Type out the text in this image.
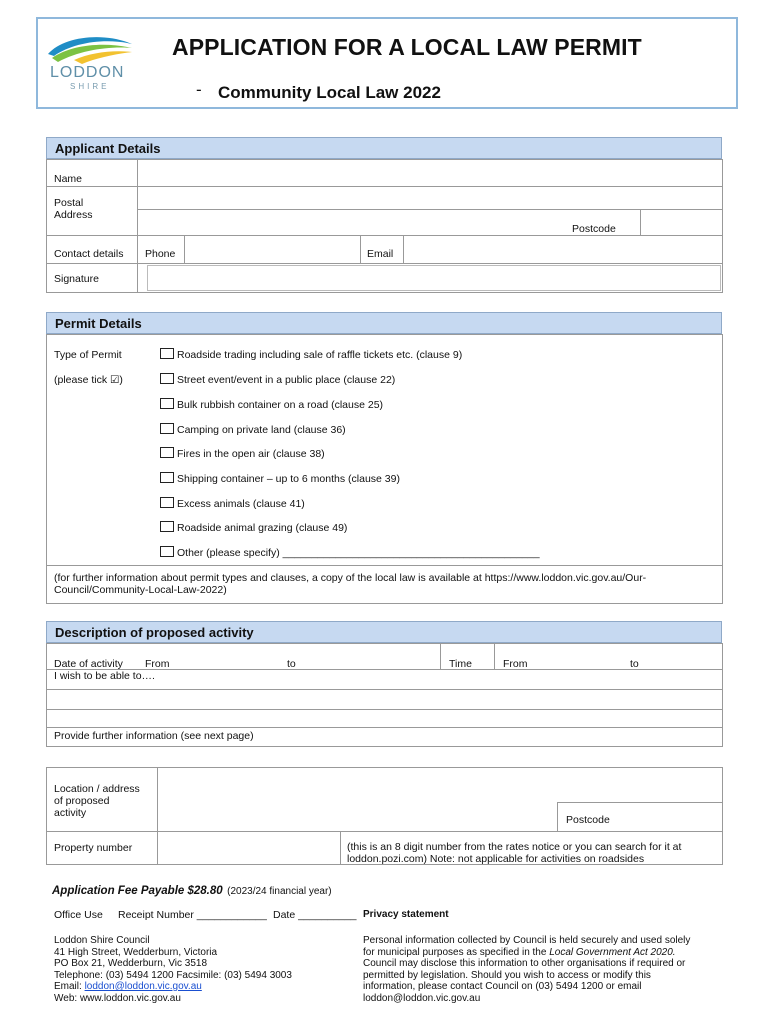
LODDON
SHIRE
APPLICATION FOR A LOCAL LAW PERMIT
- Community Local Law 2022
Applicant Details
Name
Postal
Address
Postcode
Contact details Phone	Email
Signature
Permit Details
Type of Permit
(please tick ☑)
Roadside trading including sale of raffle tickets etc. (clause 9)
Street event/event in a public place (clause 22)
Bulk rubbish container on a road (clause 25)
Camping on private land (clause 36)
Fires in the open air (clause 38)
Shipping container – up to 6 months (clause 39)
Excess animals (clause 41)
Roadside animal grazing (clause 49)
Other (please specify) ____________________________________________
(for further information about permit types and clauses, a copy of the local law is available at https://www.loddon.vic.gov.au/Our-Council/Community-Local-Law-2022)
Description of proposed activity
Date of activity From	to	Time	From	to
I wish to be able to….
Provide further information (see next page)
Location / address
of proposed
activity
Postcode
Property number	(this is an 8 digit number from the rates notice or you can search for it at loddon.pozi.com) Note: not applicable for activities on roadsides
Application Fee Payable $28.80 (2023/24 financial year)
Office Use Receipt Number ____________ Date __________ Privacy statement
Loddon Shire Council
41 High Street, Wedderburn, Victoria
PO Box 21, Wedderburn, Vic 3518
Telephone: (03) 5494 1200 Facsimile: (03) 5494 3003
Email: loddon@loddon.vic.gov.au
Web: www.loddon.vic.gov.au
Personal information collected by Council is held securely and used solely
for municipal purposes as specified in the Local Government Act 2020.
Council may disclose this information to other organisations if required or
permitted by legislation. Should you wish to access or modify this
information, please contact Council on (03) 5494 1200 or email
loddon@loddon.vic.gov.au
